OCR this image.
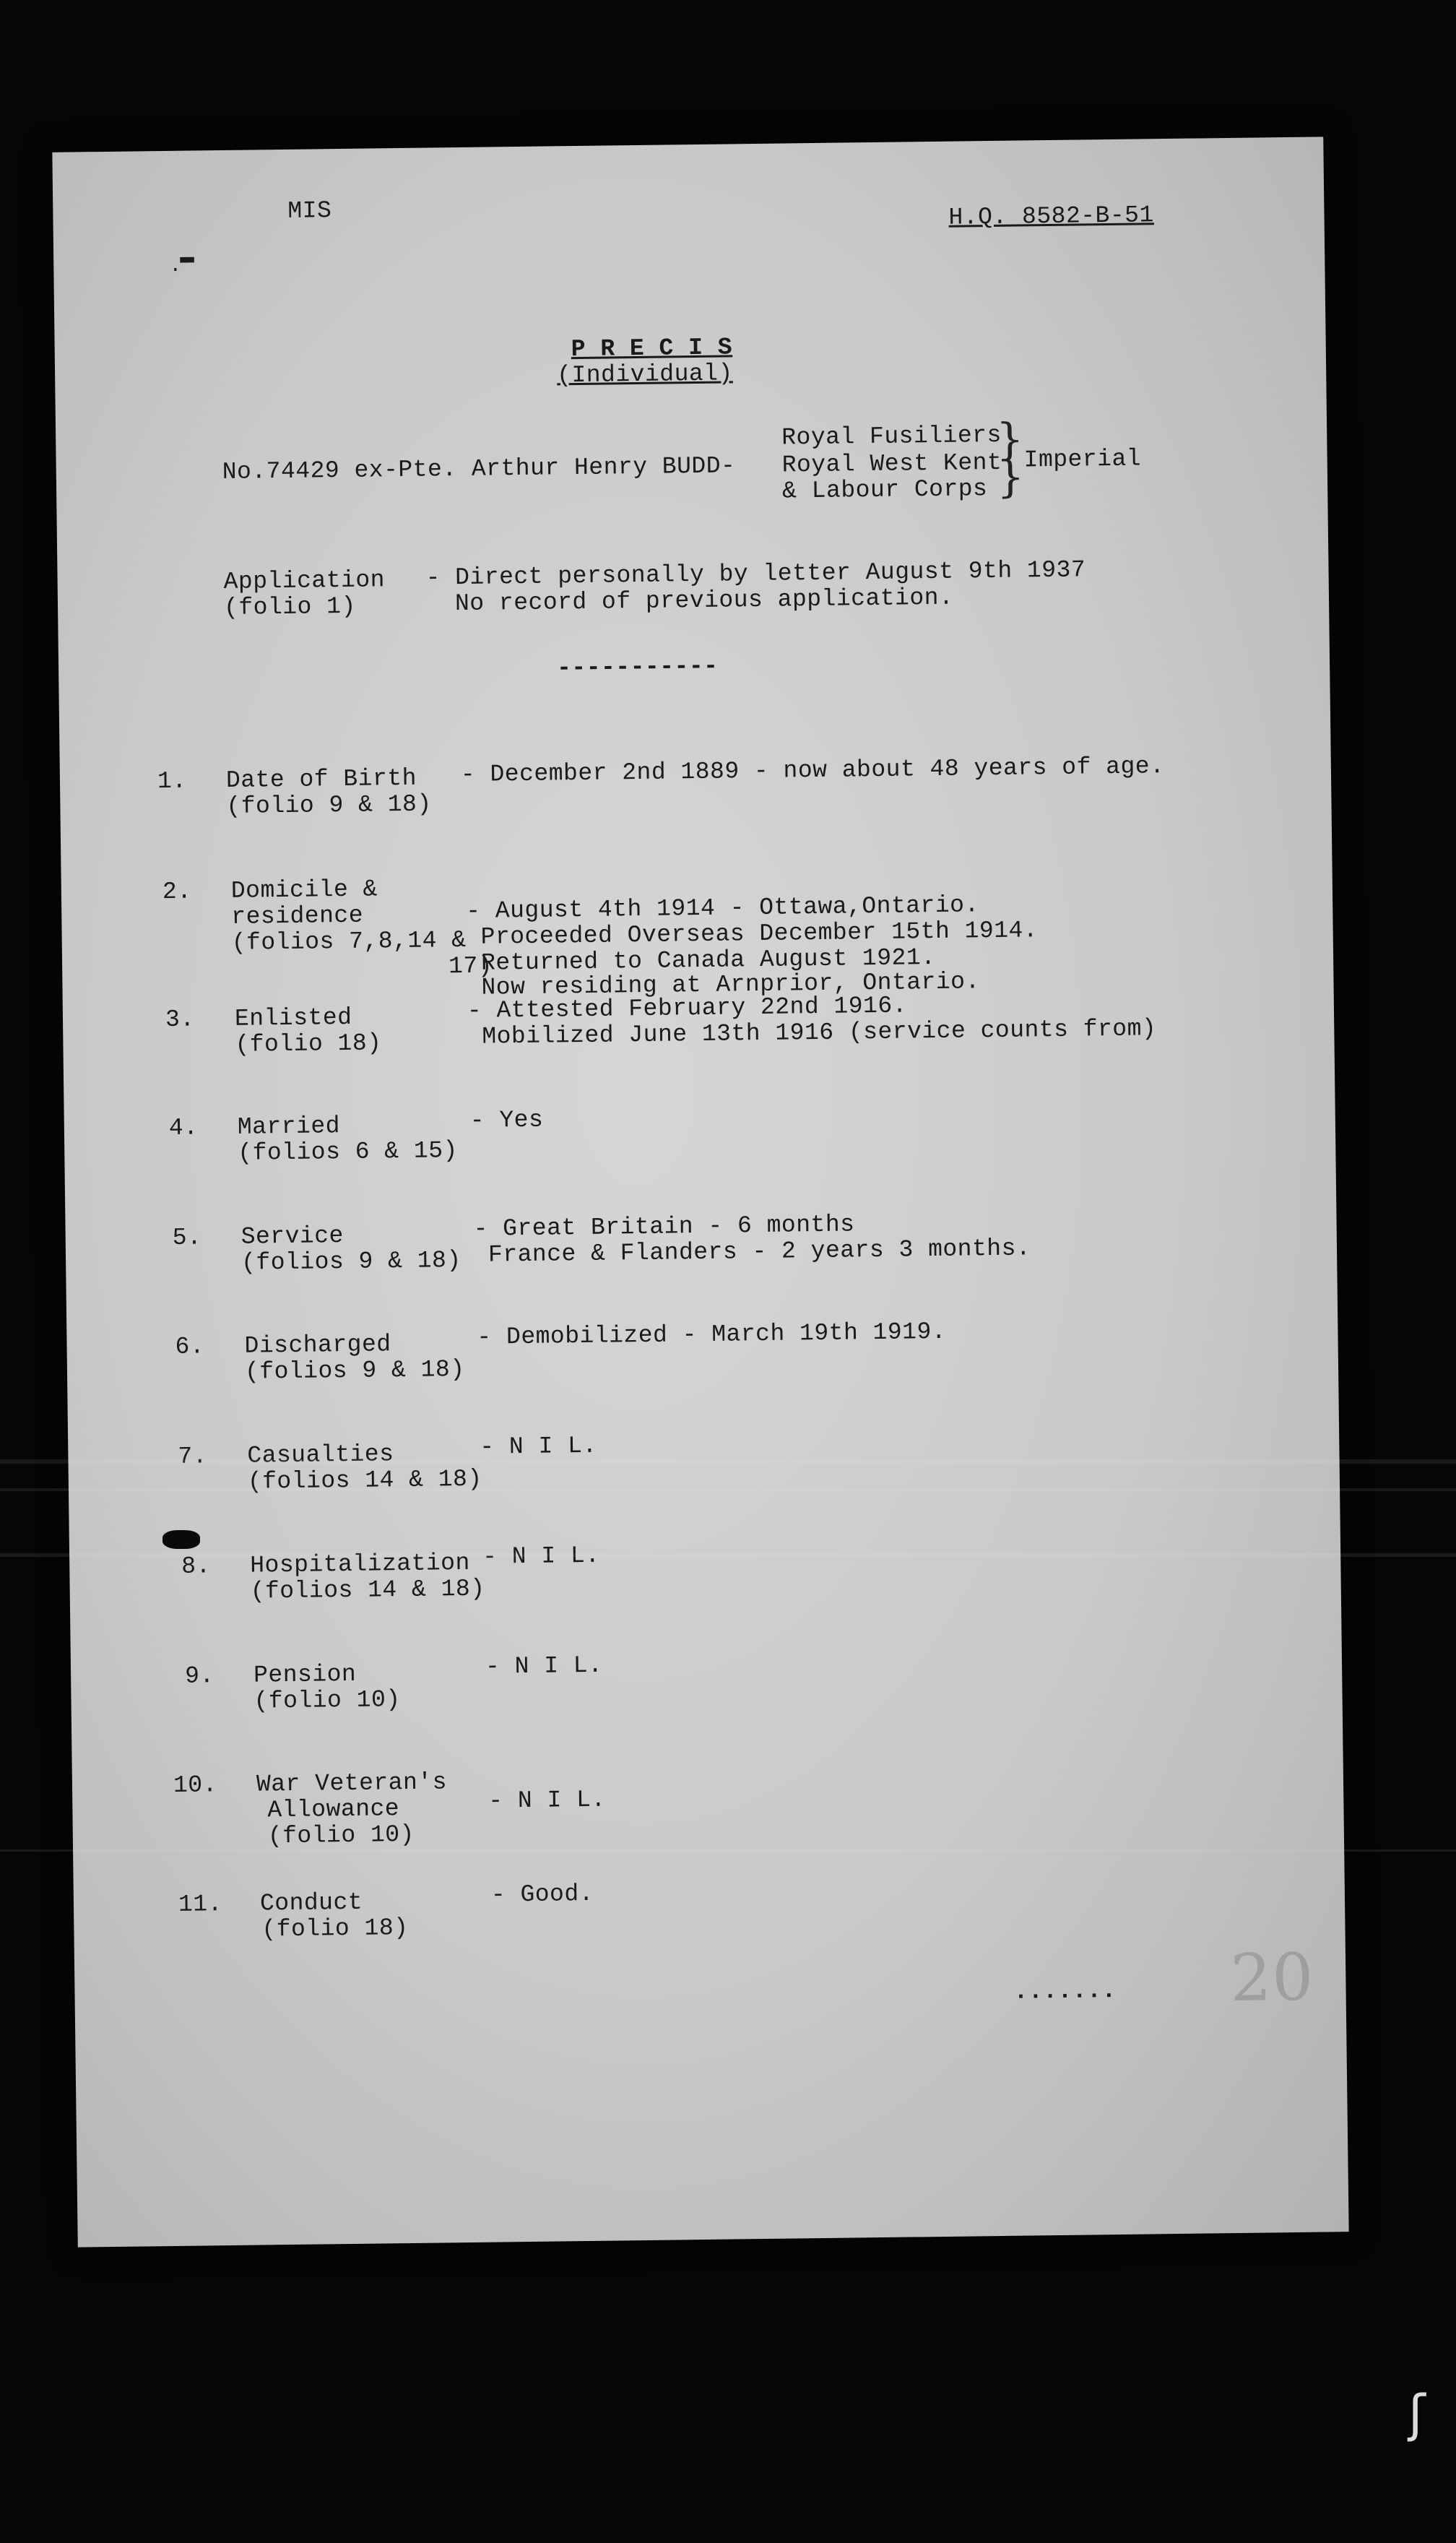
MIS	H.Q. 8582-B-51
·
▬
P R E C I S
(Individual)
Royal Fusiliers
No.74429 ex-Pte. Arthur Henry BUDD- Royal West Kent
& Labour Corps
}
}
Imperial
Application
(folio 1)
- Direct personally by letter August 9th 1937
No record of previous application.
-----------
1. Date of Birth
(folio 9 & 18)
- December 2nd 1889 - now about 48 years of age.
2. Domicile &
residence
(folios 7,8,14 &
17)
- August 4th 1914 - Ottawa,Ontario.
Proceeded Overseas December 15th 1914.
Returned to Canada August 1921.
Now residing at Arnprior, Ontario.
3. Enlisted
(folio 18)
- Attested February 22nd 1916.
Mobilized June 13th 1916 (service counts from)
4. Married
(folios 6 & 15)
- Yes
5. Service
(folios 9 & 18)
- Great Britain - 6 months
France & Flanders - 2 years 3 months.
6. Discharged
(folios 9 & 18)
- Demobilized - March 19th 1919.
7. Casualties
(folios 14 & 18)
- N I L.
8. Hospitalization
(folios 14 & 18)
- N I L.
9. Pension
(folio 10)
- N I L.
10. War Veteran's
Allowance
(folio 10)
- N I L.
11. Conduct
(folio 18)
- Good.
....... 20
ʃ
